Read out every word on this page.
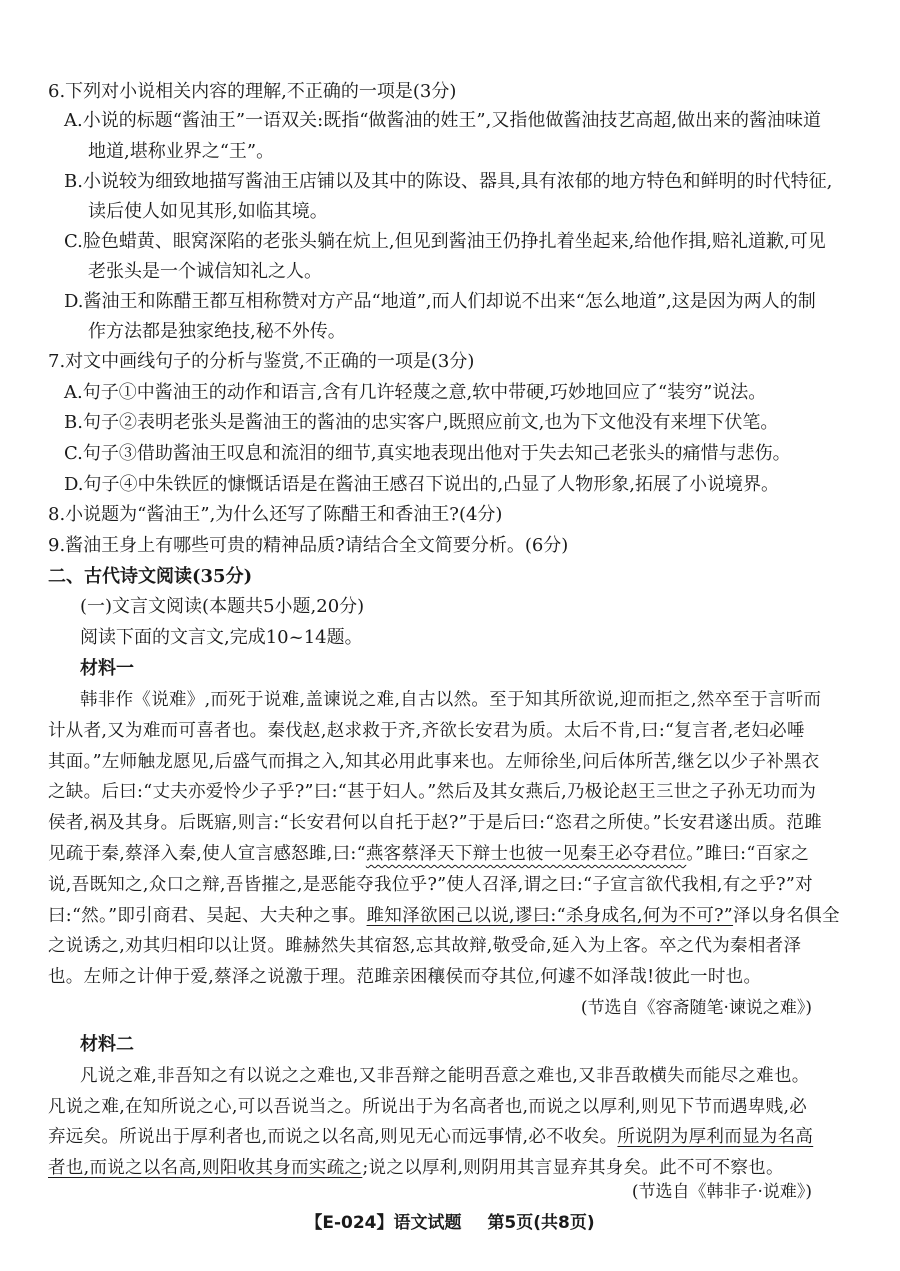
6.下列对小说相关内容的理解,不正确的一项是(3分)
A.小说的标题“酱油王”一语双关:既指“做酱油的姓王”,又指他做酱油技艺高超,做出来的酱油味道
地道,堪称业界之“王”。
B.小说较为细致地描写酱油王店铺以及其中的陈设、器具,具有浓郁的地方特色和鲜明的时代特征,
读后使人如见其形,如临其境。
C.脸色蜡黄、眼窝深陷的老张头躺在炕上,但见到酱油王仍挣扎着坐起来,给他作揖,赔礼道歉,可见
老张头是一个诚信知礼之人。
D.酱油王和陈醋王都互相称赞对方产品“地道”,而人们却说不出来“怎么地道”,这是因为两人的制
作方法都是独家绝技,秘不外传。
7.对文中画线句子的分析与鉴赏,不正确的一项是(3分)
A.句子①中酱油王的动作和语言,含有几许轻蔑之意,软中带硬,巧妙地回应了“装穷”说法。
B.句子②表明老张头是酱油王的酱油的忠实客户,既照应前文,也为下文他没有来埋下伏笔。
C.句子③借助酱油王叹息和流泪的细节,真实地表现出他对于失去知己老张头的痛惜与悲伤。
D.句子④中朱铁匠的慷慨话语是在酱油王感召下说出的,凸显了人物形象,拓展了小说境界。
8.小说题为“酱油王”,为什么还写了陈醋王和香油王?(4分)
9.酱油王身上有哪些可贵的精神品质?请结合全文简要分析。(6分)
二、古代诗文阅读(35分)
(一)文言文阅读(本题共5小题,20分)
阅读下面的文言文,完成10~14题。
材料一
韩非作《说难》,而死于说难,盖谏说之难,自古以然。至于知其所欲说,迎而拒之,然卒至于言听而
计从者,又为难而可喜者也。秦伐赵,赵求救于齐,齐欲长安君为质。太后不肯,曰:“复言者,老妇必唾
其面。”左师触龙愿见,后盛气而揖之入,知其必用此事来也。左师徐坐,问后体所苦,继乞以少子补黑衣
之缺。后曰:“丈夫亦爱怜少子乎?”曰:“甚于妇人。”然后及其女燕后,乃极论赵王三世之子孙无功而为
侯者,祸及其身。后既寤,则言:“长安君何以自托于赵?”于是后曰:“恣君之所使。”长安君遂出质。范雎
见疏于秦,蔡泽入秦,使人宣言感怒雎,曰:“燕客蔡泽天下辩士也彼一见秦王必夺君位。”雎曰:“百家之
说,吾既知之,众口之辩,吾皆摧之,是恶能夺我位乎?”使人召泽,谓之曰:“子宣言欲代我相,有之乎?”对
曰:“然。”即引商君、吴起、大夫种之事。雎知泽欲困己以说,谬曰:“杀身成名,何为不可?”泽以身名俱全
之说诱之,劝其归相印以让贤。雎赫然失其宿怒,忘其故辩,敬受命,延入为上客。卒之代为秦相者泽
也。左师之计伸于爱,蔡泽之说激于理。范雎亲困穰侯而夺其位,何遽不如泽哉!彼此一时也。
(节选自《容斋随笔·谏说之难》)
材料二
凡说之难,非吾知之有以说之之难也,又非吾辩之能明吾意之难也,又非吾敢横失而能尽之难也。
凡说之难,在知所说之心,可以吾说当之。所说出于为名高者也,而说之以厚利,则见下节而遇卑贱,必
弃远矣。所说出于厚利者也,而说之以名高,则见无心而远事情,必不收矣。所说阴为厚利而显为名高
者也,而说之以名高,则阳收其身而实疏之;说之以厚利,则阴用其言显弃其身矣。此不可不察也。
(节选自《韩非子·说难》)
【E-024】语文试题 第5页(共8页)
